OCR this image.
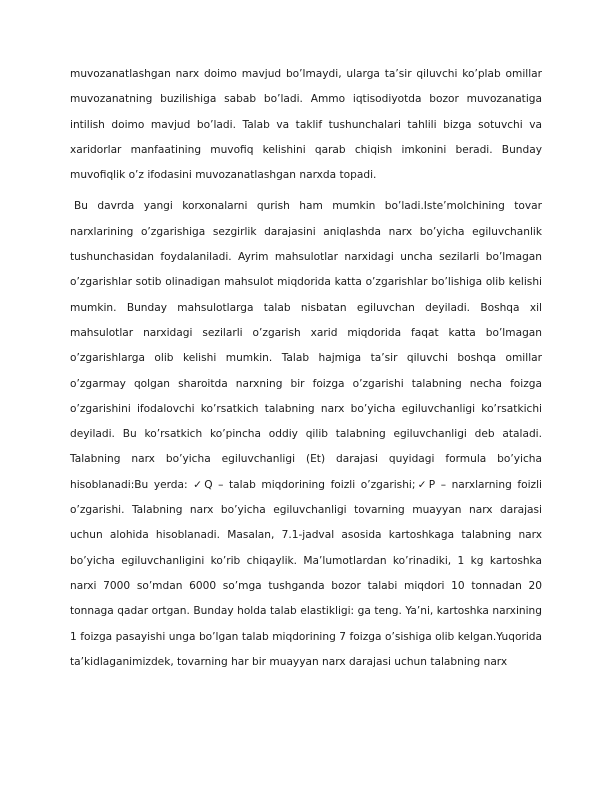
muvozanatlashgan narx doimo mavjud bo’lmaydi, ularga ta’sir qiluvchi ko’plab omillar muvozanatning buzilishiga sabab bo’ladi. Ammo iqtisodiyotda bozor muvozanatiga intilish doimo mavjud bo’ladi. Talab va taklif tushunchalari tahlili bizga sotuvchi va xaridorlar manfaatining muvofiq kelishini qarab chiqish imkonini beradi. Bunday muvofiqlik o’z ifodasini muvozanatlashgan narxda topadi.

Bu davrda yangi korxonalarni qurish ham mumkin bo’ladi.Iste’molchining tovar narxlarining o’zgarishiga sezgirlik darajasini aniqlashda narx bo’yicha egiluvchanlik tushunchasidan foydalaniladi. Ayrim mahsulotlar narxidagi uncha sezilarli bo’lmagan o’zgarishlar sotib olinadigan mahsulot miqdorida katta o’zgarishlar bo’lishiga olib kelishi mumkin. Bunday mahsulotlarga talab nisbatan egiluvchan deyiladi. Boshqa xil mahsulotlar narxidagi sezilarli o’zgarish xarid miqdorida faqat katta bo’lmagan o’zgarishlarga olib kelishi mumkin. Talab hajmiga ta’sir qiluvchi boshqa omillar o’zgarmay qolgan sharoitda narxning bir foizga o’zgarishi talabning necha foizga o’zgarishini ifodalovchi ko’rsatkich talabning narx bo’yicha egiluvchanligi ko’rsatkichi deyiladi. Bu ko’rsatkich ko’pincha oddiy qilib talabning egiluvchanligi deb ataladi. Talabning narx bo’yicha egiluvchanligi (Et) darajasi quyidagi formula bo’yicha hisoblanadi:Bu yerda: ✓Q – talab miqdorining foizli o’zgarishi;✓P – narxlarning foizli o’zgarishi. Talabning narx bo’yicha egiluvchanligi tovarning muayyan narx darajasi uchun alohida hisoblanadi. Masalan, 7.1-jadval asosida kartoshkaga talabning narx bo’yicha egiluvchanligini ko’rib chiqaylik. Ma’lumotlardan ko’rinadiki, 1 kg kartoshka narxi 7000 so’mdan 6000 so’mga tushganda bozor talabi miqdori 10 tonnadan 20 tonnaga qadar ortgan. Bunday holda talab elastikligi: ga teng. Ya’ni, kartoshka narxining 1 foizga pasayishi unga bo’lgan talab miqdorining 7 foizga o’sishiga olib kelgan.Yuqorida ta’kidlaganimizdek, tovarning har bir muayyan narx darajasi uchun talabning narx
